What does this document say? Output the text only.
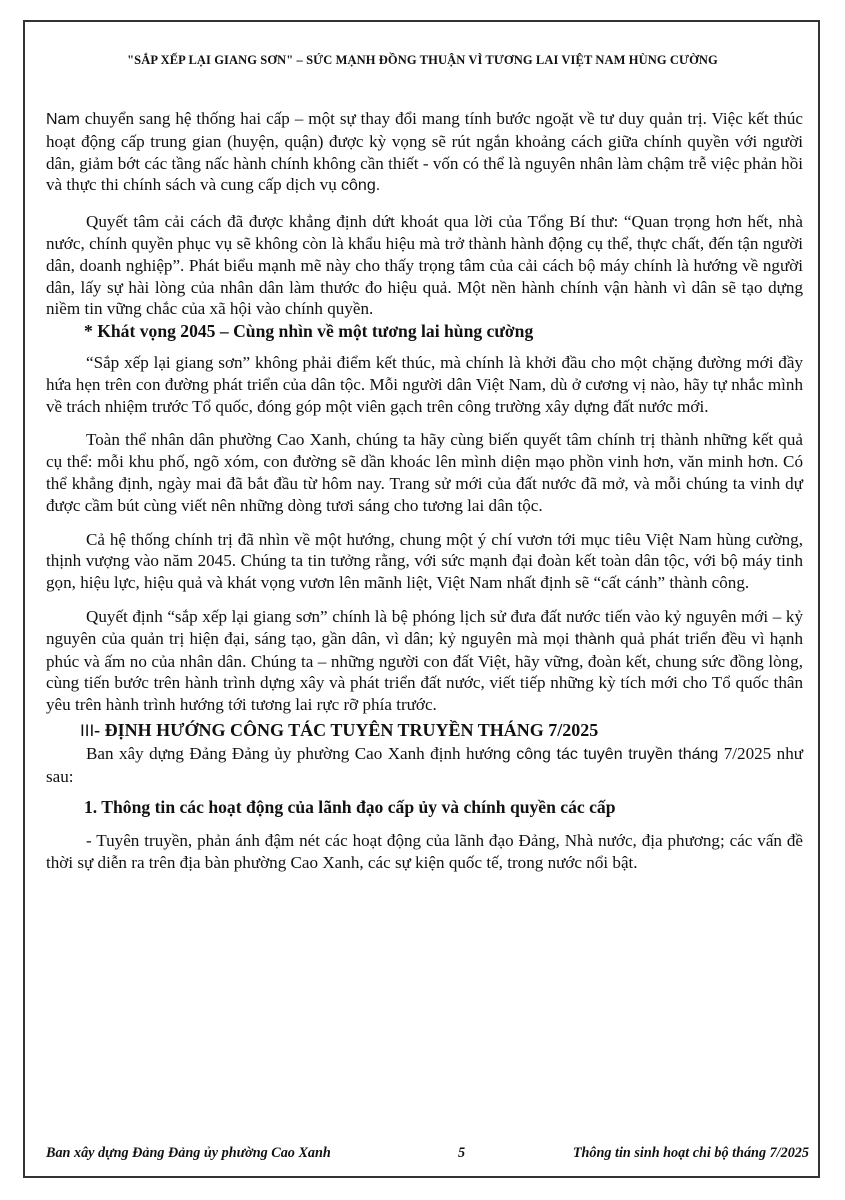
"SẮP XẾP LẠI GIANG SƠN" – SỨC MẠNH ĐỒNG THUẬN VÌ TƯƠNG LAI VIỆT NAM HÙNG CƯỜNG

Nam chuyển sang hệ thống hai cấp – một sự thay đổi mang tính bước ngoặt về tư duy quản trị. Việc kết thúc hoạt động cấp trung gian (huyện, quận) được kỳ vọng sẽ rút ngắn khoảng cách giữa chính quyền với người dân, giảm bớt các tầng nấc hành chính không cần thiết - vốn có thể là nguyên nhân làm chậm trễ việc phản hồi và thực thi chính sách và cung cấp dịch vụ công.

Quyết tâm cải cách đã được khẳng định dứt khoát qua lời của Tổng Bí thư: “Quan trọng hơn hết, nhà nước, chính quyền phục vụ sẽ không còn là khẩu hiệu mà trở thành hành động cụ thể, thực chất, đến tận người dân, doanh nghiệp”. Phát biểu mạnh mẽ này cho thấy trọng tâm của cải cách bộ máy chính là hướng về người dân, lấy sự hài lòng của nhân dân làm thước đo hiệu quả. Một nền hành chính vận hành vì dân sẽ tạo dựng niềm tin vững chắc của xã hội vào chính quyền.

* Khát vọng 2045 – Cùng nhìn về một tương lai hùng cường

“Sắp xếp lại giang sơn” không phải điểm kết thúc, mà chính là khởi đầu cho một chặng đường mới đầy hứa hẹn trên con đường phát triển của dân tộc. Mỗi người dân Việt Nam, dù ở cương vị nào, hãy tự nhắc mình về trách nhiệm trước Tổ quốc, đóng góp một viên gạch trên công trường xây dựng đất nước mới.

Toàn thể nhân dân phường Cao Xanh, chúng ta hãy cùng biến quyết tâm chính trị thành những kết quả cụ thể: mỗi khu phố, ngõ xóm, con đường sẽ dần khoác lên mình diện mạo phồn vinh hơn, văn minh hơn. Có thể khẳng định, ngày mai đã bắt đầu từ hôm nay. Trang sử mới của đất nước đã mở, và mỗi chúng ta vinh dự được cầm bút cùng viết nên những dòng tươi sáng cho tương lai dân tộc.

Cả hệ thống chính trị đã nhìn về một hướng, chung một ý chí vươn tới mục tiêu Việt Nam hùng cường, thịnh vượng vào năm 2045. Chúng ta tin tưởng rằng, với sức mạnh đại đoàn kết toàn dân tộc, với bộ máy tinh gọn, hiệu lực, hiệu quả và khát vọng vươn lên mãnh liệt, Việt Nam nhất định sẽ “cất cánh” thành công.

Quyết định “sắp xếp lại giang sơn” chính là bệ phóng lịch sử đưa đất nước tiến vào kỷ nguyên mới – kỷ nguyên của quản trị hiện đại, sáng tạo, gần dân, vì dân; kỷ nguyên mà mọi thành quả phát triển đều vì hạnh phúc và ấm no của nhân dân. Chúng ta – những người con đất Việt, hãy vững, đoàn kết, chung sức đồng lòng, cùng tiến bước trên hành trình dựng xây và phát triển đất nước, viết tiếp những kỳ tích mới cho Tổ quốc thân yêu trên hành trình hướng tới tương lai rực rỡ phía trước.

III- ĐỊNH HƯỚNG CÔNG TÁC TUYÊN TRUYỀN THÁNG 7/2025

Ban xây dựng Đảng Đảng ủy phường Cao Xanh định hướng công tác tuyên truyền tháng 7/2025 như sau:

1. Thông tin các hoạt động của lãnh đạo cấp ủy và chính quyền các cấp

- Tuyên truyền, phản ánh đậm nét các hoạt động của lãnh đạo Đảng, Nhà nước, địa phương; các vấn đề thời sự diễn ra trên địa bàn phường Cao Xanh, các sự kiện quốc tế, trong nước nổi bật.

Ban xây dựng Đảng Đảng ủy phường Cao Xanh	5	Thông tin sinh hoạt chi bộ tháng 7/2025
